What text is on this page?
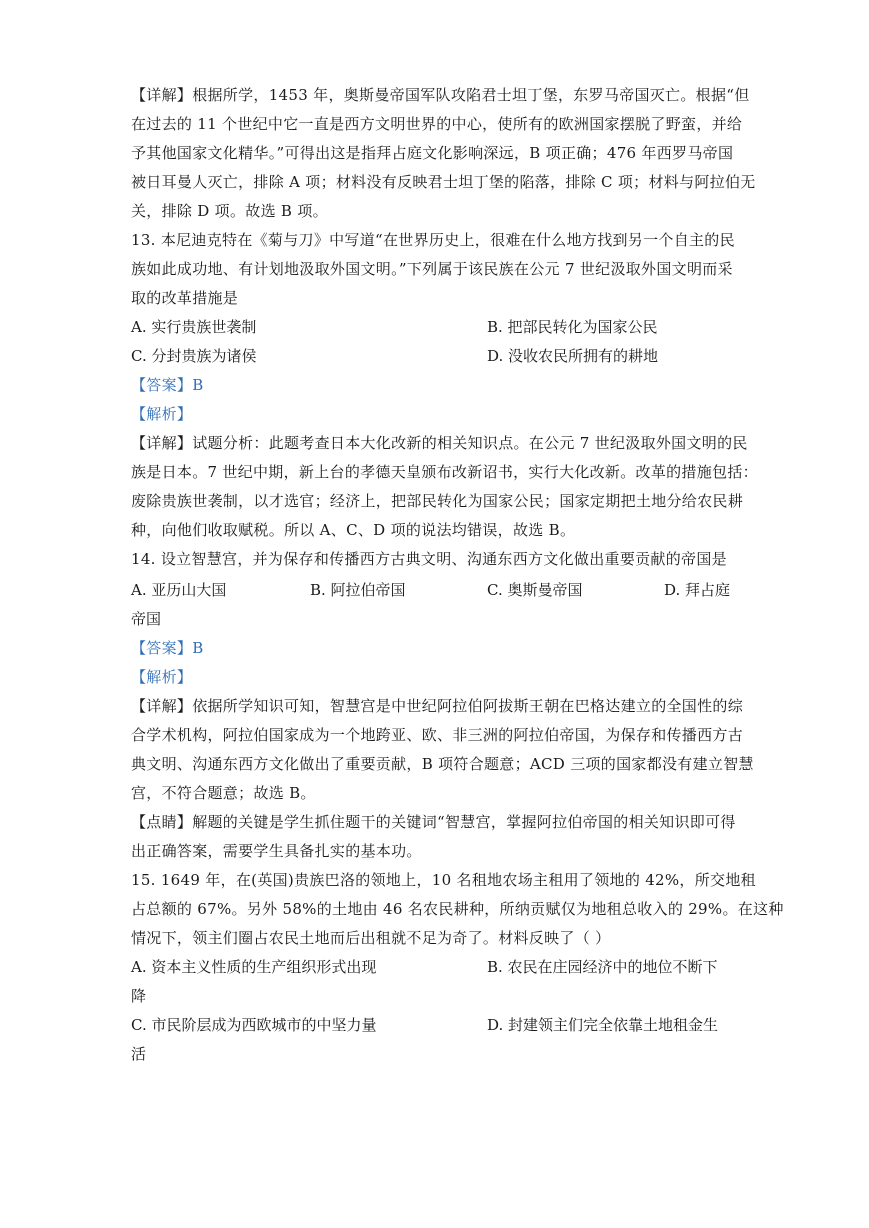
【详解】根据所学，1453 年，奥斯曼帝国军队攻陷君士坦丁堡，东罗马帝国灭亡。根据“但
在过去的 11 个世纪中它一直是西方文明世界的中心，使所有的欧洲国家摆脱了野蛮，并给
予其他国家文化精华。”可得出这是指拜占庭文化影响深远，B 项正确；476 年西罗马帝国
被日耳曼人灭亡，排除 A 项；材料没有反映君士坦丁堡的陷落，排除 C 项；材料与阿拉伯无
关，排除 D 项。故选 B 项。
13. 本尼迪克特在《菊与刀》中写道“在世界历史上，很难在什么地方找到另一个自主的民
族如此成功地、有计划地汲取外国文明。”下列属于该民族在公元 7 世纪汲取外国文明而采
取的改革措施是
A. 实行贵族世袭制	B. 把部民转化为国家公民
C. 分封贵族为诸侯	D. 没收农民所拥有的耕地
【答案】B
【解析】
【详解】试题分析：此题考查日本大化改新的相关知识点。在公元 7 世纪汲取外国文明的民
族是日本。7 世纪中期，新上台的孝德天皇颁布改新诏书，实行大化改新。改革的措施包括：
废除贵族世袭制，以才选官；经济上，把部民转化为国家公民；国家定期把土地分给农民耕
种，向他们收取赋税。所以 A、C、D 项的说法均错误，故选 B。
14. 设立智慧宫，并为保存和传播西方古典文明、沟通东西方文化做出重要贡献的帝国是
A. 亚历山大国	B. 阿拉伯帝国	C. 奥斯曼帝国	D. 拜占庭
帝国
【答案】B
【解析】
【详解】依据所学知识可知，智慧宫是中世纪阿拉伯阿拔斯王朝在巴格达建立的全国性的综
合学术机构，阿拉伯国家成为一个地跨亚、欧、非三洲的阿拉伯帝国，为保存和传播西方古
典文明、沟通东西方文化做出了重要贡献，B 项符合题意；ACD 三项的国家都没有建立智慧
宫，不符合题意；故选 B。
【点睛】解题的关键是学生抓住题干的关键词“智慧宫，掌握阿拉伯帝国的相关知识即可得
出正确答案，需要学生具备扎实的基本功。
15. 1649 年，在(英国)贵族巴洛的领地上，10 名租地农场主租用了领地的 42%，所交地租
占总额的 67%。另外 58%的土地由 46 名农民耕种，所纳贡赋仅为地租总收入的 29%。在这种
情况下，领主们圈占农民土地而后出租就不足为奇了。材料反映了（ ）
A. 资本主义性质的生产组织形式出现	B. 农民在庄园经济中的地位不断下
降
C. 市民阶层成为西欧城市的中坚力量	D. 封建领主们完全依靠土地租金生
活
